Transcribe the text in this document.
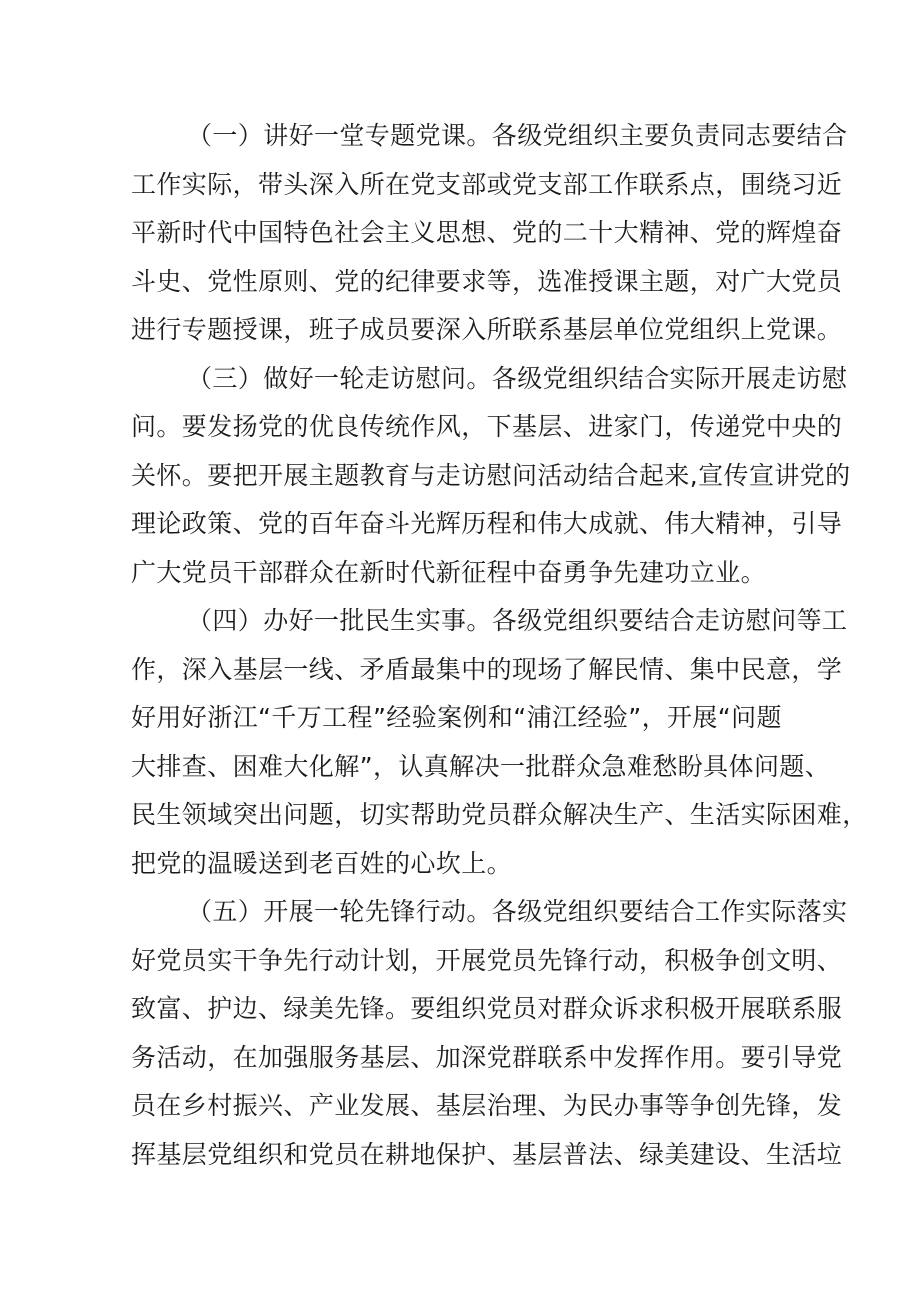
（一）讲好一堂专题党课。各级党组织主要负责同志要结合
工作实际，带头深入所在党支部或党支部工作联系点，围绕习近
平新时代中国特色社会主义思想、党的二十大精神、党的辉煌奋
斗史、党性原则、党的纪律要求等，选准授课主题，对广大党员
进行专题授课，班子成员要深入所联系基层单位党组织上党课。

（三）做好一轮走访慰问。各级党组织结合实际开展走访慰
问。要发扬党的优良传统作风，下基层、进家门，传递党中央的
关怀。要把开展主题教育与走访慰问活动结合起来,宣传宣讲党的
理论政策、党的百年奋斗光辉历程和伟大成就、伟大精神，引导
广大党员干部群众在新时代新征程中奋勇争先建功立业。

（四）办好一批民生实事。各级党组织要结合走访慰问等工
作，深入基层一线、矛盾最集中的现场了解民情、集中民意，学
好用好浙江“千万工程”经验案例和“浦江经验”，开展“问题
大排查、困难大化解”，认真解决一批群众急难愁盼具体问题、
民生领域突出问题，切实帮助党员群众解决生产、生活实际困难，
把党的温暖送到老百姓的心坎上。

（五）开展一轮先锋行动。各级党组织要结合工作实际落实
好党员实干争先行动计划，开展党员先锋行动，积极争创文明、
致富、护边、绿美先锋。要组织党员对群众诉求积极开展联系服
务活动，在加强服务基层、加深党群联系中发挥作用。要引导党
员在乡村振兴、产业发展、基层治理、为民办事等争创先锋，发
挥基层党组织和党员在耕地保护、基层普法、绿美建设、生活垃
